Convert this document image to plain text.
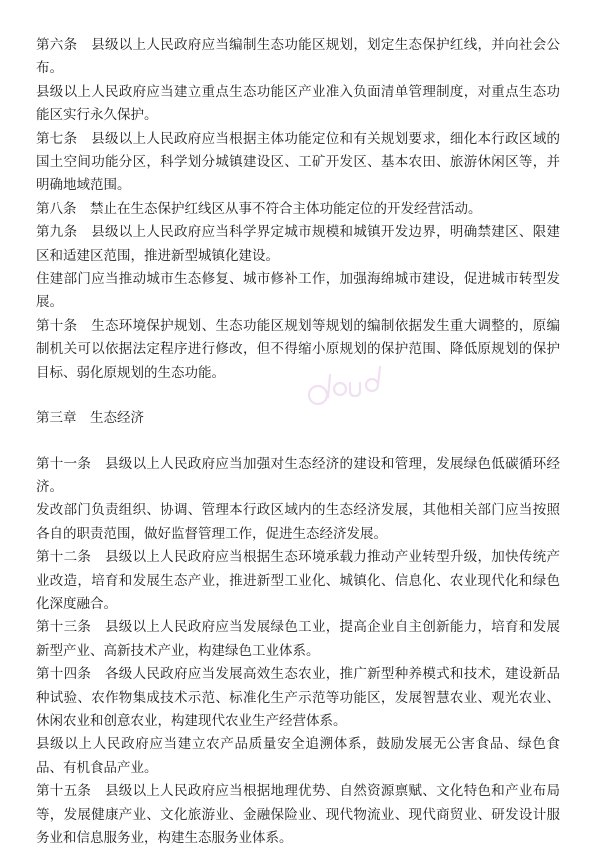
第六条　县级以上人民政府应当编制生态功能区规划，划定生态保护红线，并向社会公布。

县级以上人民政府应当建立重点生态功能区产业准入负面清单管理制度，对重点生态功能区实行永久保护。

第七条　县级以上人民政府应当根据主体功能定位和有关规划要求，细化本行政区域的国土空间功能分区，科学划分城镇建设区、工矿开发区、基本农田、旅游休闲区等，并明确地域范围。

第八条　禁止在生态保护红线区从事不符合主体功能定位的开发经营活动。

第九条　县级以上人民政府应当科学界定城市规模和城镇开发边界，明确禁建区、限建区和适建区范围，推进新型城镇化建设。

住建部门应当推动城市生态修复、城市修补工作，加强海绵城市建设，促进城市转型发展。

第十条　生态环境保护规划、生态功能区规划等规划的编制依据发生重大调整的，原编制机关可以依据法定程序进行修改，但不得缩小原规划的保护范围、降低原规划的保护目标、弱化原规划的生态功能。

第三章　生态经济

第十一条　县级以上人民政府应当加强对生态经济的建设和管理，发展绿色低碳循环经济。

发改部门负责组织、协调、管理本行政区域内的生态经济发展，其他相关部门应当按照各自的职责范围，做好监督管理工作，促进生态经济发展。

第十二条　县级以上人民政府应当根据生态环境承载力推动产业转型升级，加快传统产业改造，培育和发展生态产业，推进新型工业化、城镇化、信息化、农业现代化和绿色化深度融合。

第十三条　县级以上人民政府应当发展绿色工业，提高企业自主创新能力，培育和发展新型产业、高新技术产业，构建绿色工业体系。

第十四条　各级人民政府应当发展高效生态农业，推广新型种养模式和技术，建设新品种试验、农作物集成技术示范、标准化生产示范等功能区，发展智慧农业、观光农业、休闲农业和创意农业，构建现代农业生产经营体系。

县级以上人民政府应当建立农产品质量安全追溯体系，鼓励发展无公害食品、绿色食品、有机食品产业。

第十五条　县级以上人民政府应当根据地理优势、自然资源禀赋、文化特色和产业布局等，发展健康产业、文化旅游业、金融保险业、现代物流业、现代商贸业、研发设计服务业和信息服务业，构建生态服务业体系。
